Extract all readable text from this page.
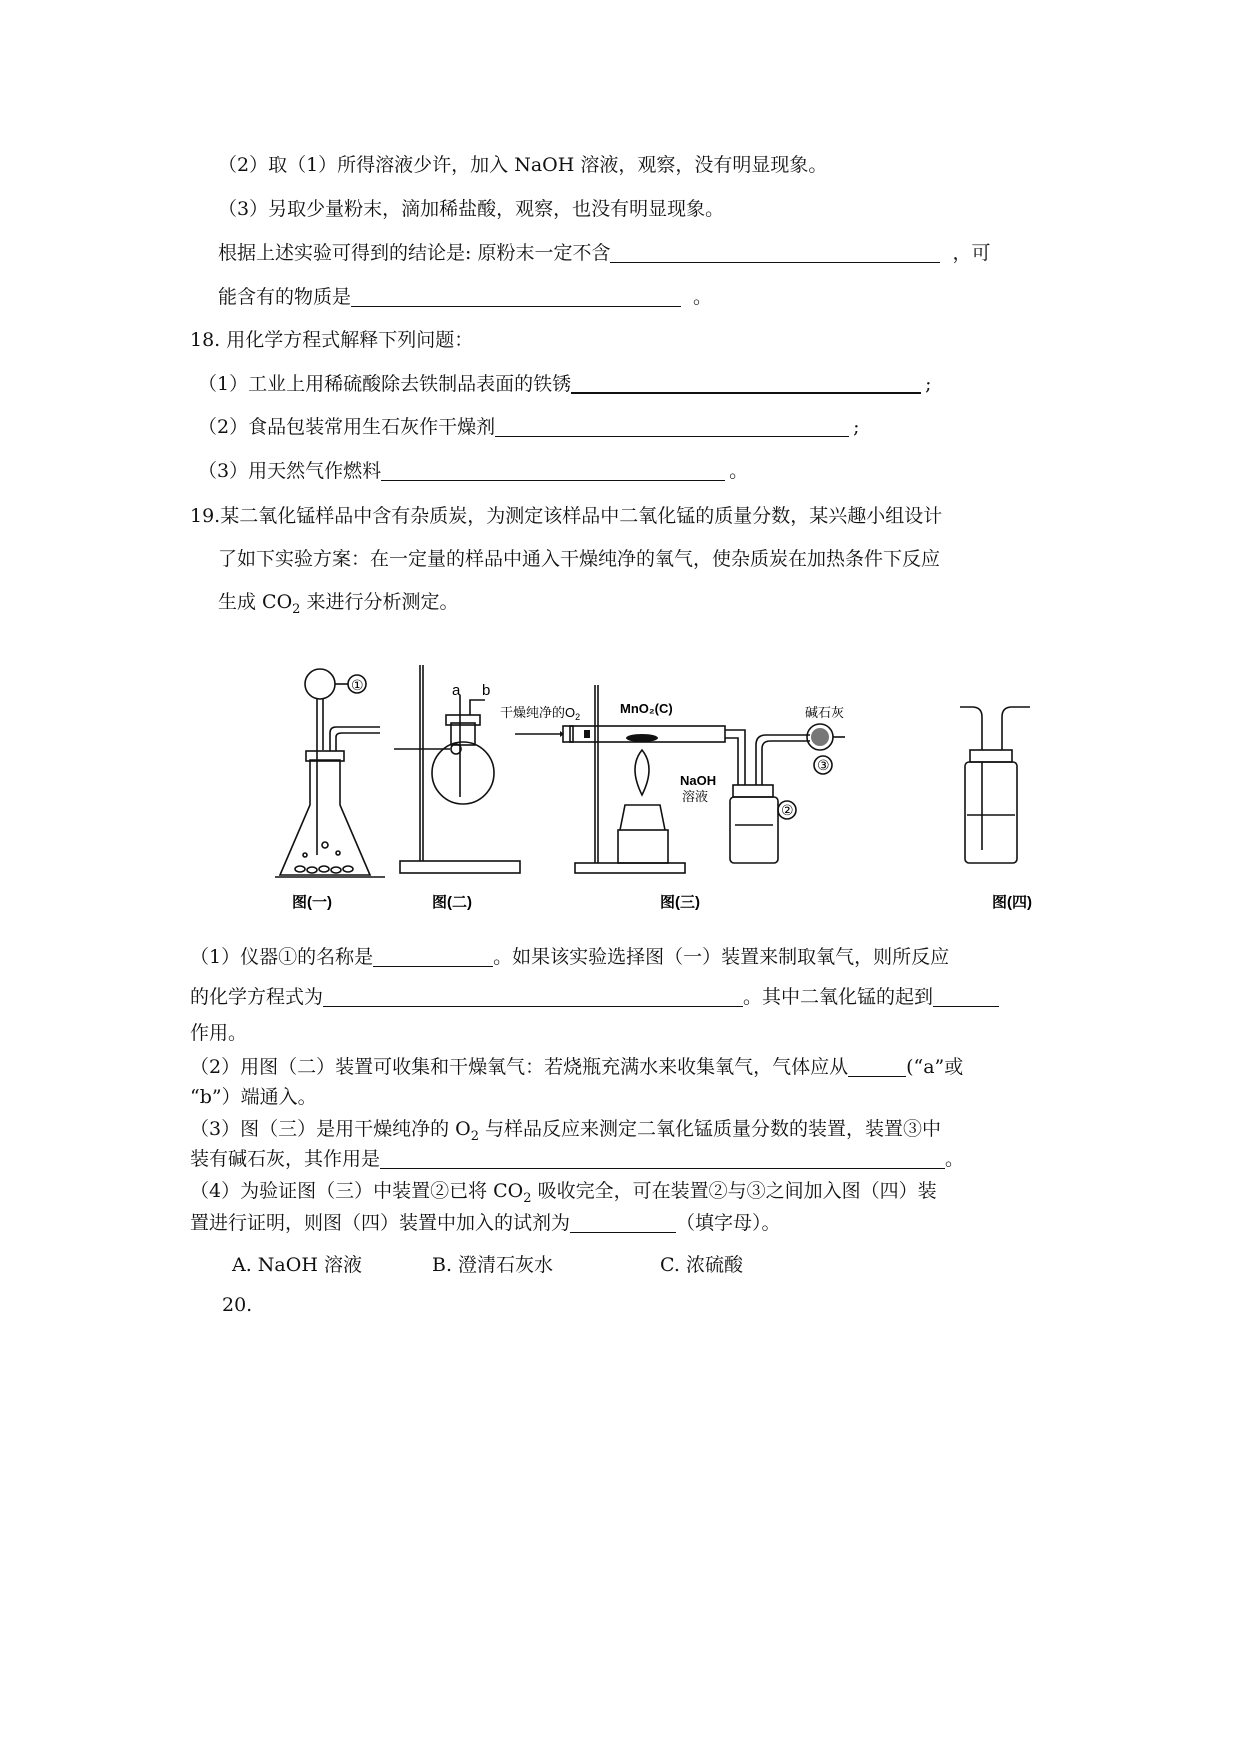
（2）取（1）所得溶液少许，加入 NaOH 溶液，观察，没有明显现象。
（3）另取少量粉末，滴加稀盐酸，观察，也没有明显现象。
根据上述实验可得到的结论是: 原粉末一定不含	，可
能含有的物质是	。
18. 用化学方程式解释下列问题：
（1）工业上用稀硫酸除去铁制品表面的铁锈	;
（2）食品包装常用生石灰作干燥剂	;
（3）用天然气作燃料	。
19.某二氧化锰样品中含有杂质炭，为测定该样品中二氧化锰的质量分数，某兴趣小组设计
了如下实验方案：在一定量的样品中通入干燥纯净的氧气，使杂质炭在加热条件下反应
生成 $CO_2$ 来进行分析测定。
①	a b
干燥纯净的$O_2$
MnO₂(C)	碱石灰
NaOH
溶液
②
③
图(一)	图(二)	图(三)	图(四)
（1）仪器①的名称是	。如果该实验选择图（一）装置来制取氧气，则所反应
的化学方程式为	。其中二氧化锰的起到
作用。
（2）用图（二）装置可收集和干燥氧气：若烧瓶充满水来收集氧气，气体应从	(“a”或
“b”）端通入。
（3）图（三）是用干燥纯净的 $O_2$ 与样品反应来测定二氧化锰质量分数的装置，装置③中
装有碱石灰，其作用是	。
（4）为验证图（三）中装置②已将 $CO_2$ 吸收完全，可在装置②与③之间加入图（四）装
置进行证明，则图（四）装置中加入的试剂为	（填字母）。
A. NaOH 溶液	B. 澄清石灰水	C. 浓硫酸
20.
